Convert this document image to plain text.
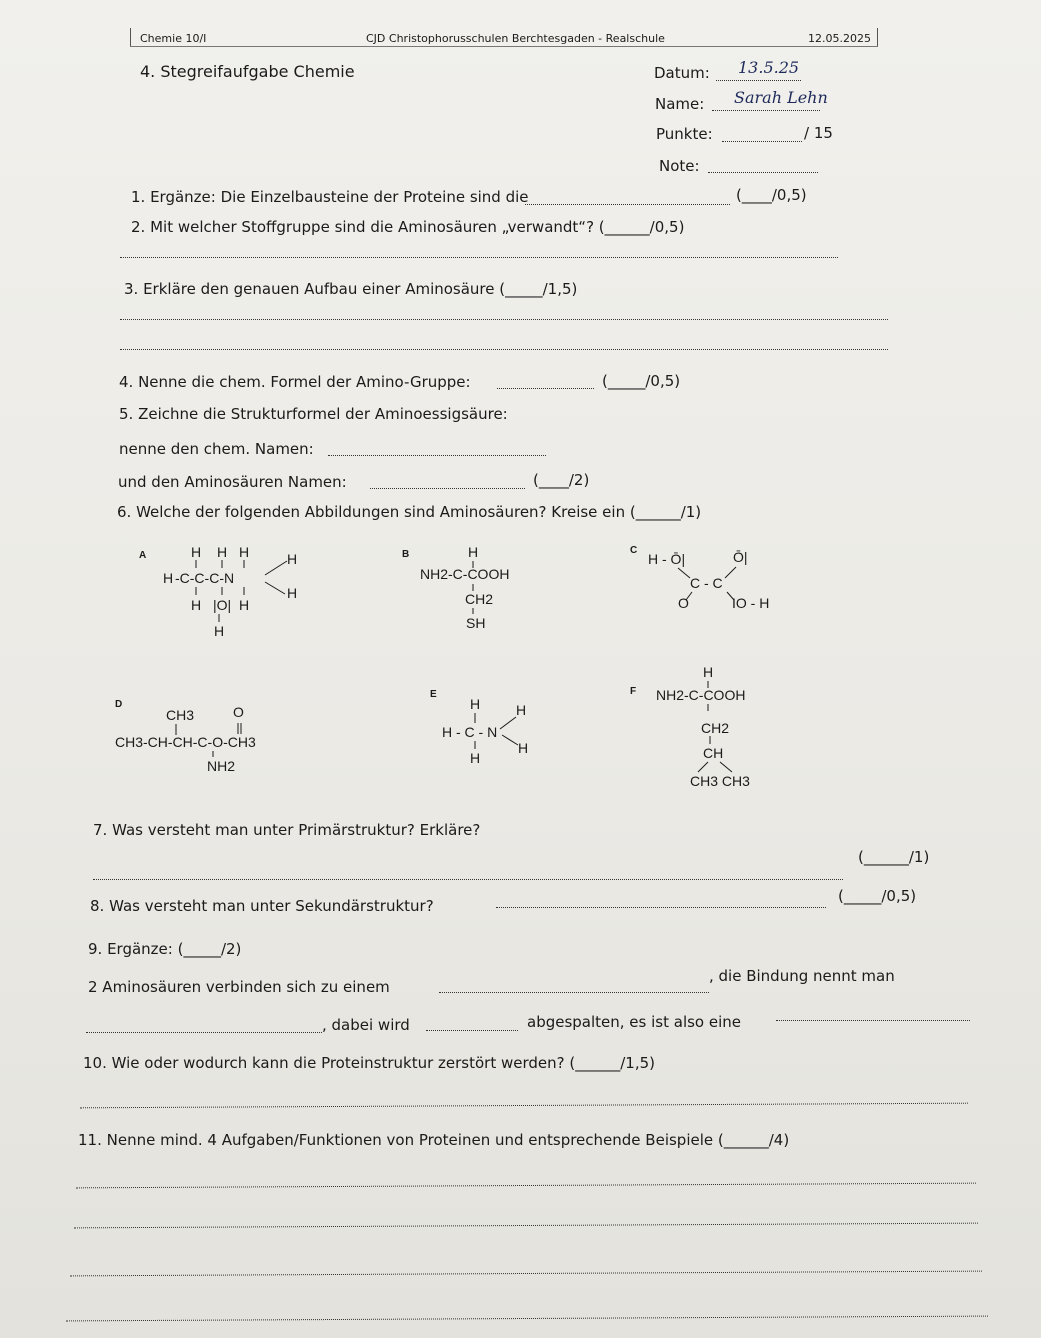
Chemie 10/I	CJD Christophorusschulen Berchtesgaden - Realschule	12.05.2025
4. Stegreifaufgabe Chemie	Datum: 13.5.25
Name: Sarah Lehn
Punkte:	/ 15
Note:
1. Ergänze: Die Einzelbausteine der Proteine sind die	(____/0,5)
2. Mit welcher Stoffgruppe sind die Aminosäuren „verwandt“? (______/0,5)
3. Erkläre den genauen Aufbau einer Aminosäure (_____/1,5)
4. Nenne die chem. Formel der Amino-Gruppe:	(_____/0,5)
5. Zeichne die Strukturformel der Aminoessigsäure:
nenne den chem. Namen:
und den Aminosäuren Namen:	(____/2)
6. Welche der folgenden Abbildungen sind Aminosäuren? Kreise ein (______/1)
A	H H H	H
H -C-C-C-N
H
H |O| H
H
B	H
NH2-C-COOH
CH2
SH
C
H - Ō|	Ō|
C - C
O	IO - H
D
CH3	O
CH3-CH-CH-C-O-CH3
NH2
E
H	H
H - C - N
H
H
F
H
NH2-C-COOH
CH2
CH
CH3 CH3
7. Was versteht man unter Primärstruktur? Erkläre?
(______/1)
8. Was versteht man unter Sekundärstruktur?
(_____/0,5)
9. Ergänze: (_____/2)
2 Aminosäuren verbinden sich zu einem
, die Bindung nennt man
, dabei wird	abgespalten, es ist also eine
10. Wie oder wodurch kann die Proteinstruktur zerstört werden? (______/1,5)
11. Nenne mind. 4 Aufgaben/Funktionen von Proteinen und entsprechende Beispiele (______/4)
